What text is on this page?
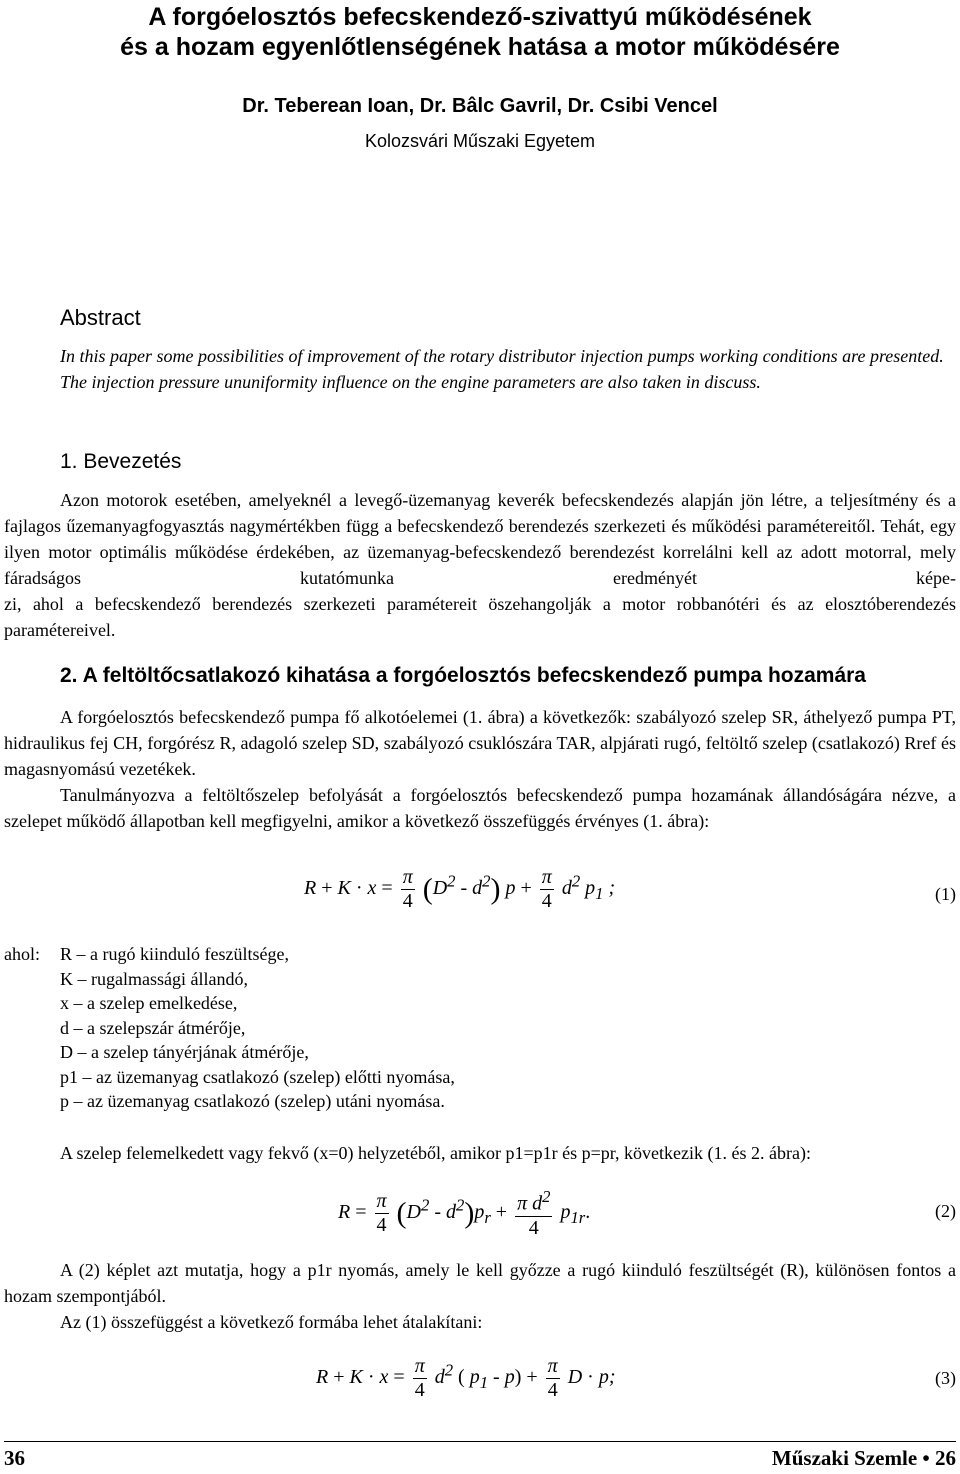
A forgóelosztós befecskendező-szivattyú működésének
és a hozam egyenlőtlenségének hatása a motor működésére
Dr. Teberean Ioan, Dr. Bâlc Gavril, Dr. Csibi Vencel
Kolozsvári Műszaki Egyetem
Abstract

In this paper some possibilities of improvement of the rotary distributor injection pumps working conditions are presented.

The injection pressure ununiformity influence on the engine parameters are also taken in discuss.

1. Bevezetés

Azon motorok esetében, amelyeknél a levegő-üzemanyag keverék befecskendezés alapján jön létre, a teljesítmény és a fajlagos űzemanyagfogyasztás nagymértékben függ a befecskendező berendezés szerkezeti és működési paramétereitől. Tehát, egy ilyen motor optimális működése érdekében, az üzemanyag-befecskendező berendezést korrelálni kell az adott motorral, mely fáradságos kutatómunka eredményét képe-

zi, ahol a befecskendező berendezés szerkezeti paramétereit öszehangolják a motor robbanótéri és az elosztóberendezés paramétereivel.

2. A feltöltőcsatlakozó kihatása a forgóelosztós befecskendező pumpa hozamára

A forgóelosztós befecskendező pumpa fő alkotóelemei (1. ábra) a következők: szabályozó szelep SR, áthelyező pumpa PT, hidraulikus fej CH, forgórész R, adagoló szelep SD, szabályozó csuklószára TAR, alpjárati rugó, feltöltő szelep (csatlakozó) Rref és magasnyomású vezetékek.

Tanulmányozva a feltöltőszelep befolyását a forgóelosztós befecskendező pumpa hozamának állandóságára nézve, a szelepet működő állapotban kell megfigyelni, amikor a következő összefüggés érvényes (1. ábra):

$R + K \cdot x = \frac{\pi}{4} (D^2 - d^2) p + \frac{\pi}{4} d^2$ $p_1$ ;	(1)
ahol:	R – a rugó kiinduló feszültsége,
K – rugalmassági állandó,
x – a szelep emelkedése,
d – a szelepszár átmérője,
D – a szelep tányérjának átmérője,
p1 – az üzemanyag csatlakozó (szelep) előtti nyomása,
p – az üzemanyag csatlakozó (szelep) utáni nyomása.

A szelep felemelkedett vagy fekvő (x=0) helyzetéből, amikor p1=p1r és p=pr, következik (1. és 2. ábra):

$R = \frac{\pi}{4} (D^2 - d^2)p_r + \frac{\pi d^2}{4} p_{1r}$.	(2)

A (2) képlet azt mutatja, hogy a p1r nyomás, amely le kell győzze a rugó kiinduló feszültségét (R), különösen fontos a hozam szempontjából.

Az (1) összefüggést a következő formába lehet átalakítani:

$R + K \cdot x = \frac{\pi}{4} d^2$ ( $p_1 - p) + \frac{\pi}{4}$ D · p;	(3)
36	Műszaki Szemle • 26
